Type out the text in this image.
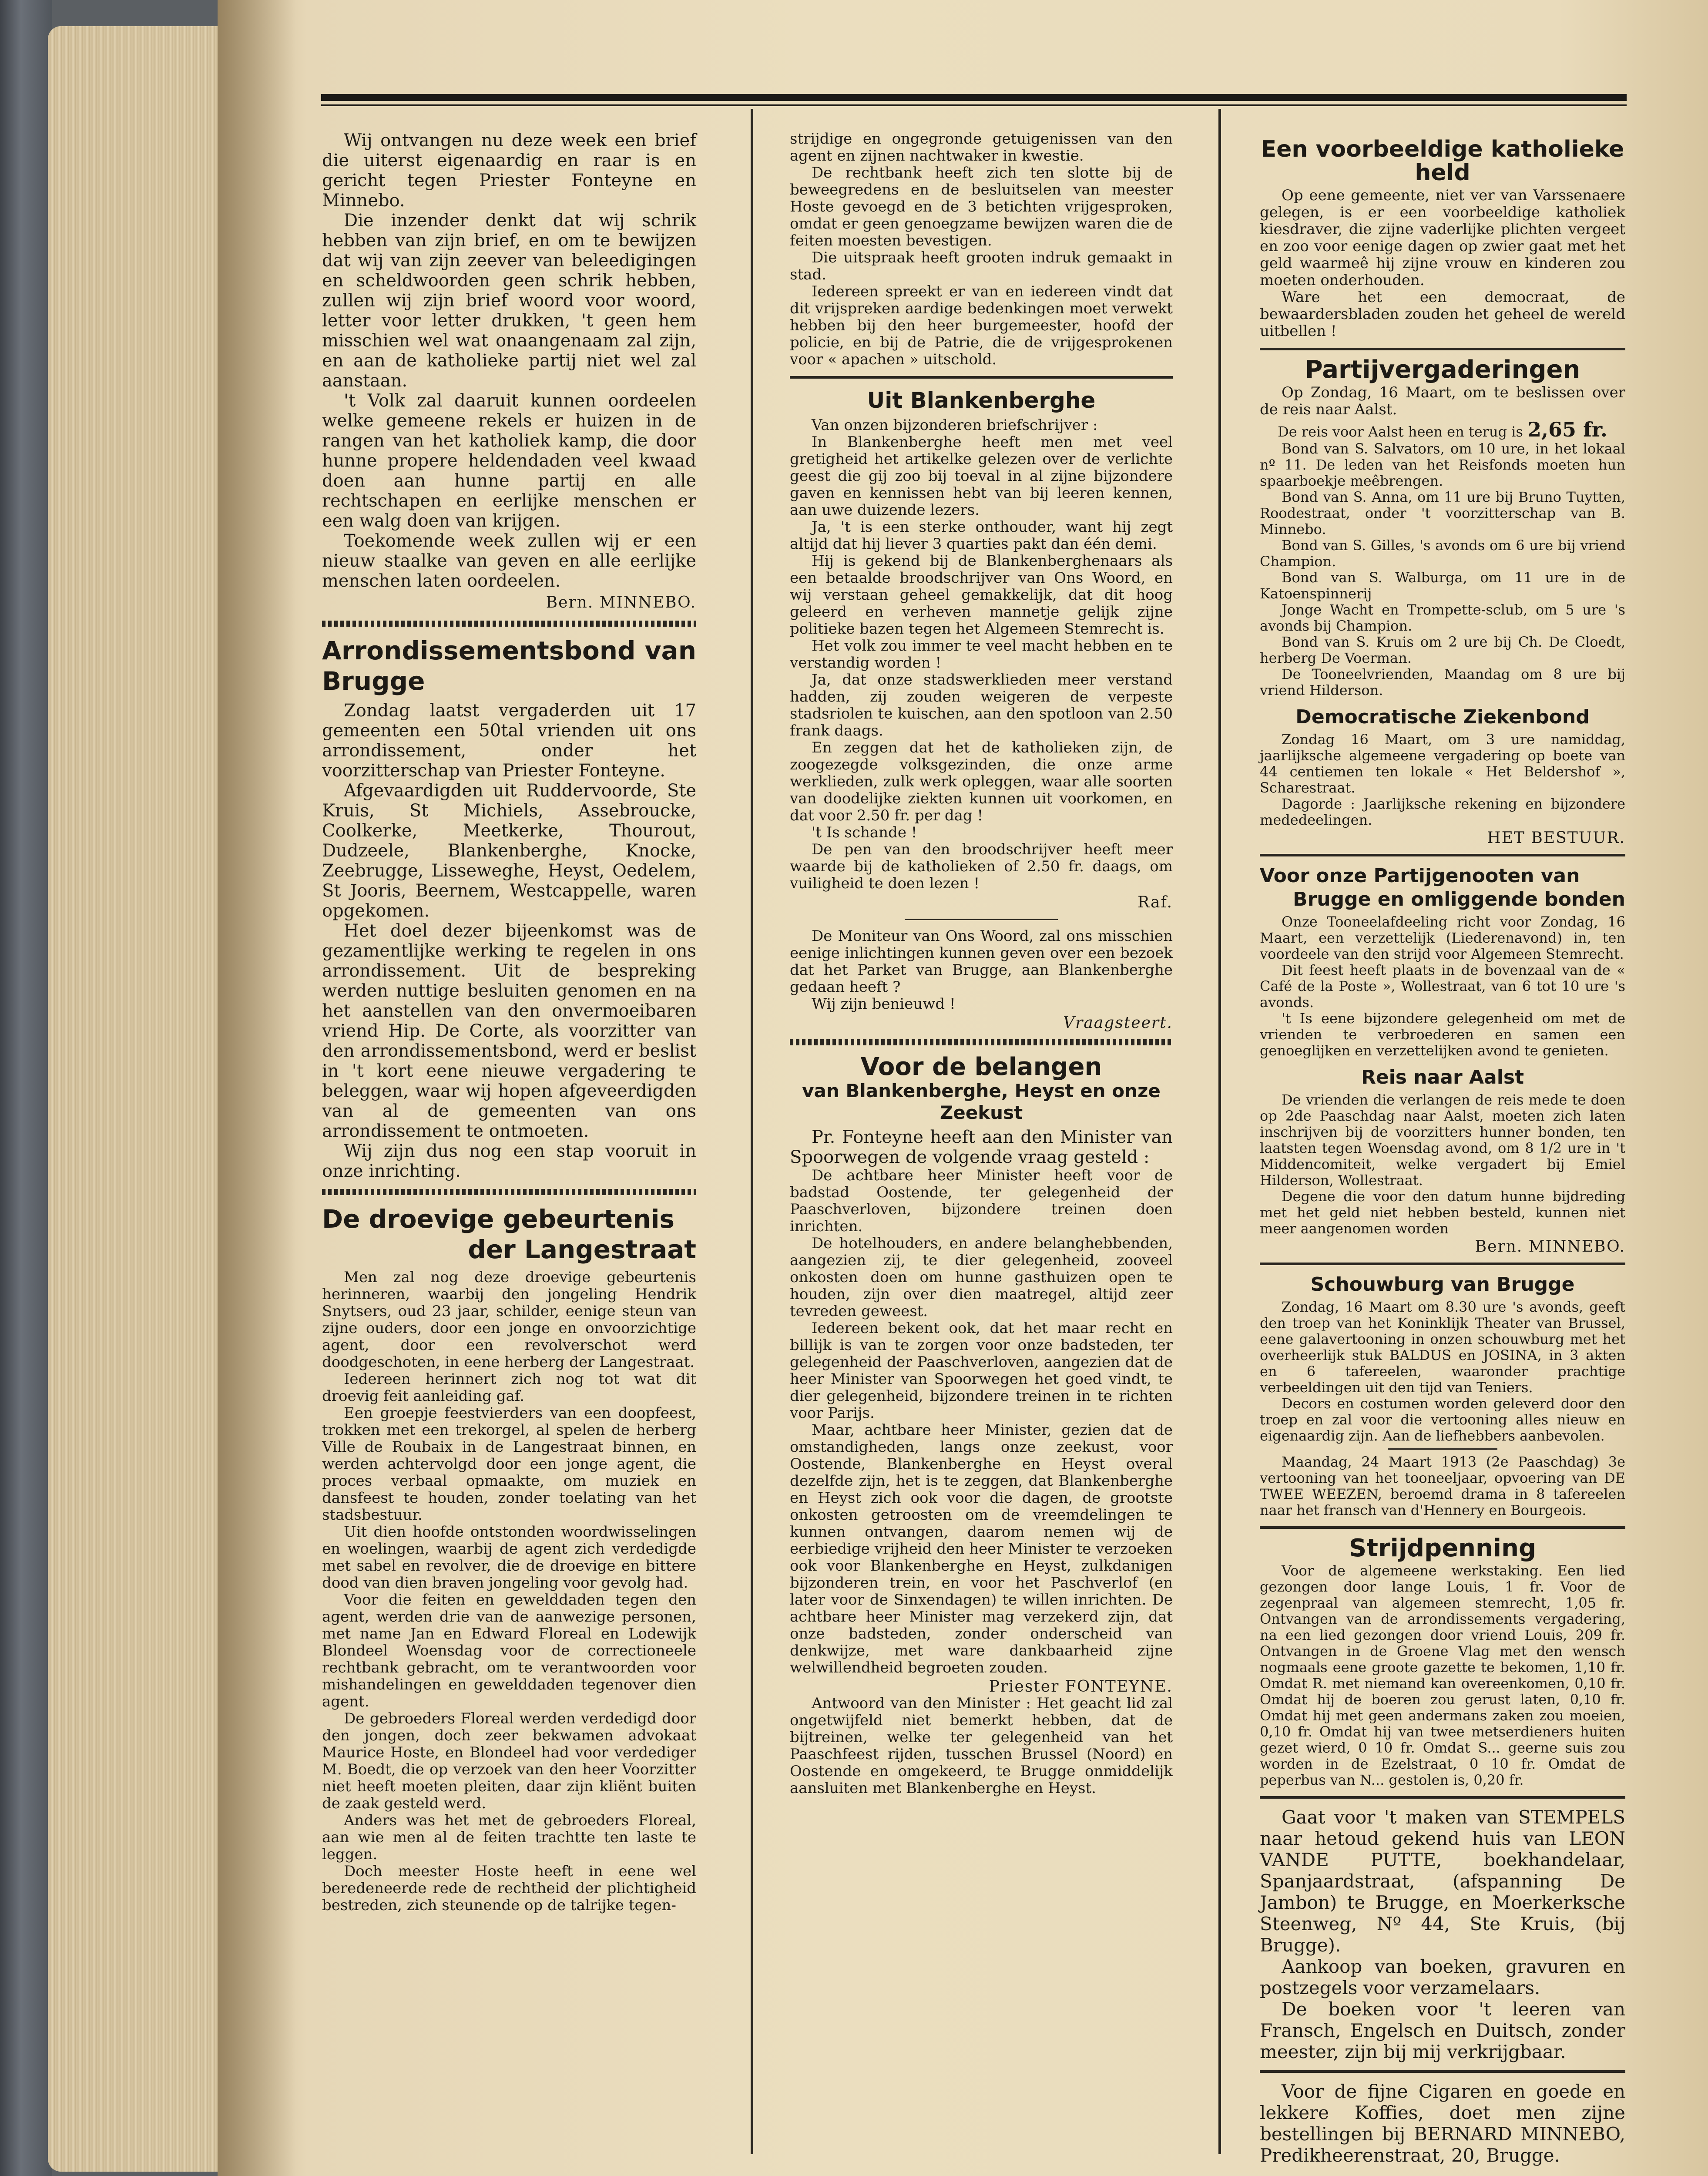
Wij ontvangen nu deze week een brief die uiterst eigenaardig en raar is en gericht tegen Priester Fonteyne en Minnebo.

Die inzender denkt dat wij schrik hebben van zijn brief, en om te bewijzen dat wij van zijn zeever van beleedigingen en scheldwoorden geen schrik hebben, zullen wij zijn brief woord voor woord, letter voor letter drukken, 't geen hem misschien wel wat onaangenaam zal zijn, en aan de katholieke partij niet wel zal aanstaan.

't Volk zal daaruit kunnen oordeelen welke gemeene rekels er huizen in de rangen van het katholiek kamp, die door hunne propere heldendaden veel kwaad doen aan hunne partij en alle rechtschapen en eerlijke menschen er een walg doen van krijgen.

Toekomende week zullen wij er een nieuw staalke van geven en alle eerlijke menschen laten oordeelen.

Bern. MINNEBO.
Arrondissementsbond van Brugge

Zondag laatst vergaderden uit 17 gemeenten een 50tal vrienden uit ons arrondissement, onder het voorzitterschap van Priester Fonteyne.

Afgevaardigden uit Ruddervoorde, Ste Kruis, St Michiels, Assebroucke, Coolkerke, Meetkerke, Thourout, Dudzeele, Blankenberghe, Knocke, Zeebrugge, Lisseweghe, Heyst, Oedelem, St Jooris, Beernem, Westcappelle, waren opgekomen.

Het doel dezer bijeenkomst was de gezamentlijke werking te regelen in ons arrondissement. Uit de bespreking werden nuttige besluiten genomen en na het aanstellen van den onvermoeibaren vriend Hip. De Corte, als voorzitter van den arrondissementsbond, werd er beslist in 't kort eene nieuwe vergadering te beleggen, waar wij hopen afgeveerdigden van al de gemeenten van ons arrondissement te ontmoeten.

Wij zijn dus nog een stap vooruit in onze inrichting.

De droevige gebeurtenis
der Langestraat

Men zal nog deze droevige gebeurtenis herinneren, waarbij den jongeling Hendrik Snytsers, oud 23 jaar, schilder, eenige steun van zijne ouders, door een jonge en onvoorzichtige agent, door een revolverschot werd doodgeschoten, in eene herberg der Langestraat.

Iedereen herinnert zich nog tot wat dit droevig feit aanleiding gaf.

Een groepje feestvierders van een doopfeest, trokken met een trekorgel, al spelen de herberg Ville de Roubaix in de Langestraat binnen, en werden achtervolgd door een jonge agent, die proces verbaal opmaakte, om muziek en dansfeest te houden, zonder toelating van het stadsbestuur.

Uit dien hoofde ontstonden woordwisselingen en woelingen, waarbij de agent zich verdedigde met sabel en revolver, die de droevige en bittere dood van dien braven jongeling voor gevolg had.

Voor die feiten en gewelddaden tegen den agent, werden drie van de aanwezige personen, met name Jan en Edward Floreal en Lodewijk Blondeel Woensdag voor de correctioneele rechtbank gebracht, om te verantwoorden voor mishandelingen en gewelddaden tegenover dien agent.

De gebroeders Floreal werden verdedigd door den jongen, doch zeer bekwamen advokaat Maurice Hoste, en Blondeel had voor verdediger M. Boedt, die op verzoek van den heer Voorzitter niet heeft moeten pleiten, daar zijn kliënt buiten de zaak gesteld werd.

Anders was het met de gebroeders Floreal, aan wie men al de feiten trachtte ten laste te leggen.

Doch meester Hoste heeft in eene wel beredeneerde rede de rechtheid der plichtigheid bestreden, zich steunende op de talrijke tegen-

strijdige en ongegronde getuigenissen van den agent en zijnen nachtwaker in kwestie.

De rechtbank heeft zich ten slotte bij de beweegredens en de besluitselen van meester Hoste gevoegd en de 3 betichten vrijgesproken, omdat er geen genoegzame bewijzen waren die de feiten moesten bevestigen.

Die uitspraak heeft grooten indruk gemaakt in stad.

Iedereen spreekt er van en iedereen vindt dat dit vrijspreken aardige bedenkingen moet verwekt hebben bij den heer burgemeester, hoofd der policie, en bij de Patrie, die de vrijgesprokenen voor « apachen » uitschold.

Uit Blankenberghe

Van onzen bijzonderen briefschrijver :

In Blankenberghe heeft men met veel gretigheid het artikelke gelezen over de verlichte geest die gij zoo bij toeval in al zijne bijzondere gaven en kennissen hebt van bij leeren kennen, aan uwe duizende lezers.

Ja, 't is een sterke onthouder, want hij zegt altijd dat hij liever 3 quarties pakt dan één demi.

Hij is gekend bij de Blankenberghenaars als een betaalde broodschrijver van Ons Woord, en wij verstaan geheel gemakkelijk, dat dit hoog geleerd en verheven mannetje gelijk zijne politieke bazen tegen het Algemeen Stemrecht is.

Het volk zou immer te veel macht hebben en te verstandig worden !

Ja, dat onze stadswerklieden meer verstand hadden, zij zouden weigeren de verpeste stadsriolen te kuischen, aan den spotloon van 2.50 frank daags.

En zeggen dat het de katholieken zijn, de zoogezegde volksgezinden, die onze arme werklieden, zulk werk opleggen, waar alle soorten van doodelijke ziekten kunnen uit voorkomen, en dat voor 2.50 fr. per dag !

't Is schande !

De pen van den broodschrijver heeft meer waarde bij de katholieken of 2.50 fr. daags, om vuiligheid te doen lezen !

Raf.

De Moniteur van Ons Woord, zal ons misschien eenige inlichtingen kunnen geven over een bezoek dat het Parket van Brugge, aan Blankenberghe gedaan heeft ?

Wij zijn benieuwd !

Vraagsteert.
Voor de belangen
van Blankenberghe, Heyst en onze Zeekust

Pr. Fonteyne heeft aan den Minister van Spoorwegen de volgende vraag gesteld :

De achtbare heer Minister heeft voor de badstad Oostende, ter gelegenheid der Paaschverloven, bijzondere treinen doen inrichten.

De hotelhouders, en andere belanghebbenden, aangezien zij, te dier gelegenheid, zooveel onkosten doen om hunne gasthuizen open te houden, zijn over dien maatregel, altijd zeer tevreden geweest.

Iedereen bekent ook, dat het maar recht en billijk is van te zorgen voor onze badsteden, ter gelegenheid der Paaschverloven, aangezien dat de heer Minister van Spoorwegen het goed vindt, te dier gelegenheid, bijzondere treinen in te richten voor Parijs.

Maar, achtbare heer Minister, gezien dat de omstandigheden, langs onze zeekust, voor Oostende, Blankenberghe en Heyst overal dezelfde zijn, het is te zeggen, dat Blankenberghe en Heyst zich ook voor die dagen, de grootste onkosten getroosten om de vreemdelingen te kunnen ontvangen, daarom nemen wij de eerbiedige vrijheid den heer Minister te verzoeken ook voor Blankenberghe en Heyst, zulkdanigen bijzonderen trein, en voor het Paschverlof (en later voor de Sinxendagen) te willen inrichten. De achtbare heer Minister mag verzekerd zijn, dat onze badsteden, zonder onderscheid van denkwijze, met ware dankbaarheid zijne welwillendheid begroeten zouden.

Priester FONTEYNE.

Antwoord van den Minister : Het geacht lid zal ongetwijfeld niet bemerkt hebben, dat de bijtreinen, welke ter gelegenheid van het Paaschfeest rijden, tusschen Brussel (Noord) en Oostende en omgekeerd, te Brugge onmiddelijk aansluiten met Blankenberghe en Heyst.

Een voorbeeldige katholieke held

Op eene gemeente, niet ver van Varssenaere gelegen, is er een voorbeeldige katholiek kiesdraver, die zijne vaderlijke plichten vergeet en zoo voor eenige dagen op zwier gaat met het geld waarmeê hij zijne vrouw en kinderen zou moeten onderhouden.

Ware het een democraat, de bewaardersbladen zouden het geheel de wereld uitbellen !

Partijvergaderingen

Op Zondag, 16 Maart, om te beslissen over de reis naar Aalst.

De reis voor Aalst heen en terug is 2,65 fr.

Bond van S. Salvators, om 10 ure, in het lokaal nº 11. De leden van het Reisfonds moeten hun spaarboekje meêbrengen.

Bond van S. Anna, om 11 ure bij Bruno Tuytten, Roodestraat, onder 't voorzitterschap van B. Minnebo.

Bond van S. Gilles, 's avonds om 6 ure bij vriend Champion.

Bond van S. Walburga, om 11 ure in de Katoenspinnerij

Jonge Wacht en Trompette-sclub, om 5 ure 's avonds bij Champion.

Bond van S. Kruis om 2 ure bij Ch. De Cloedt, herberg De Voerman.

De Tooneelvrienden, Maandag om 8 ure bij vriend Hilderson.

Democratische Ziekenbond

Zondag 16 Maart, om 3 ure namiddag, jaarlijksche algemeene vergadering op boete van 44 centiemen ten lokale « Het Beldershof », Scharestraat.

Dagorde : Jaarlijksche rekening en bijzondere mededeelingen.

HET BESTUUR.
Voor onze Partijgenooten van
Brugge en omliggende bonden

Onze Tooneelafdeeling richt voor Zondag, 16 Maart, een verzettelijk (Liederenavond) in, ten voordeele van den strijd voor Algemeen Stemrecht.

Dit feest heeft plaats in de bovenzaal van de « Café de la Poste », Wollestraat, van 6 tot 10 ure 's avonds.

't Is eene bijzondere gelegenheid om met de vrienden te verbroederen en samen een genoeglijken en verzettelijken avond te genieten.

Reis naar Aalst

De vrienden die verlangen de reis mede te doen op 2de Paaschdag naar Aalst, moeten zich laten inschrijven bij de voorzitters hunner bonden, ten laatsten tegen Woensdag avond, om 8 1/2 ure in 't Middencomiteit, welke vergadert bij Emiel Hilderson, Wollestraat.

Degene die voor den datum hunne bijdreding met het geld niet hebben besteld, kunnen niet meer aangenomen worden

Bern. MINNEBO.
Schouwburg van Brugge

Zondag, 16 Maart om 8.30 ure 's avonds, geeft den troep van het Koninklijk Theater van Brussel, eene galavertooning in onzen schouwburg met het overheerlijk stuk BALDUS en JOSINA, in 3 akten en 6 tafereelen, waaronder prachtige verbeeldingen uit den tijd van Teniers.

Decors en costumen worden geleverd door den troep en zal voor die vertooning alles nieuw en eigenaardig zijn. Aan de liefhebbers aanbevolen.

Maandag, 24 Maart 1913 (2e Paaschdag) 3e vertooning van het tooneeljaar, opvoering van DE TWEE WEEZEN, beroemd drama in 8 tafereelen naar het fransch van d'Hennery en Bourgeois.

Strijdpenning

Voor de algemeene werkstaking. Een lied gezongen door lange Louis, 1 fr. Voor de zegenpraal van algemeen stemrecht, 1,05 fr. Ontvangen van de arrondissements vergadering, na een lied gezongen door vriend Louis, 209 fr. Ontvangen in de Groene Vlag met den wensch nogmaals eene groote gazette te bekomen, 1,10 fr. Omdat R. met niemand kan overeenkomen, 0,10 fr. Omdat hij de boeren zou gerust laten, 0,10 fr. Omdat hij met geen andermans zaken zou moeien, 0,10 fr. Omdat hij van twee metserdieners huiten gezet wierd, 0 10 fr. Omdat S... geerne suis zou worden in de Ezelstraat, 0 10 fr. Omdat de peperbus van N... gestolen is, 0,20 fr.

Gaat voor 't maken van STEMPELS naar hetoud gekend huis van LEON VANDE PUTTE, boekhandelaar, Spanjaardstraat, (afspanning De Jambon) te Brugge, en Moerkerksche Steenweg, Nº 44, Ste Kruis, (bij Brugge).

Aankoop van boeken, gravuren en postzegels voor verzamelaars.

De boeken voor 't leeren van Fransch, Engelsch en Duitsch, zonder meester, zijn bij mij verkrijgbaar.

Voor de fijne Cigaren en goede en lekkere Koffies, doet men zijne bestellingen bij BERNARD MINNEBO, Predikheerenstraat, 20, Brugge.
